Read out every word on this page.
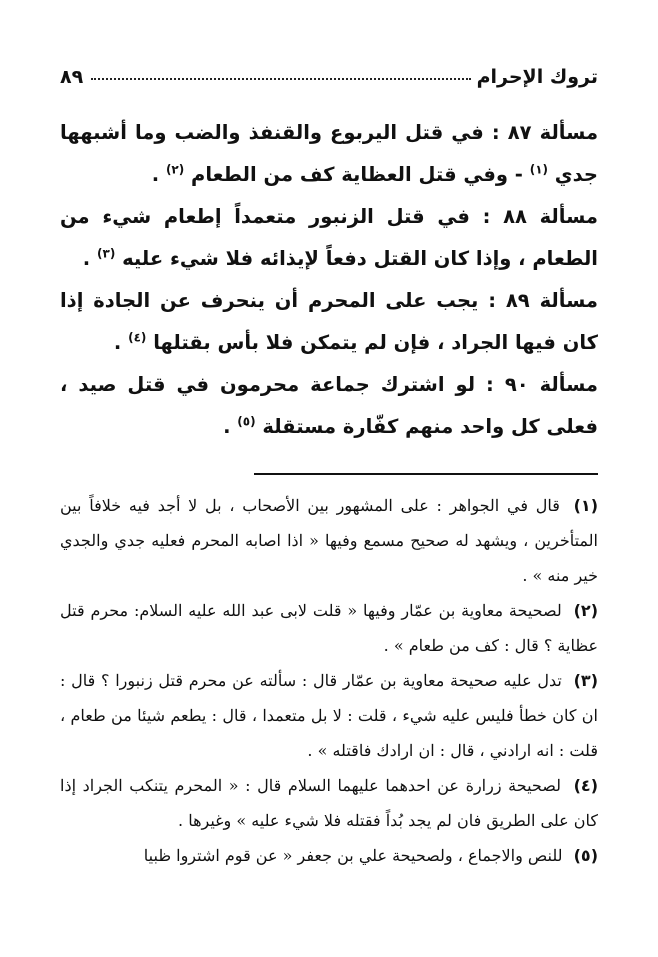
تروك الإحرام
٨٩

مسألة ٨٧ : في قتل اليربوع والقنفذ والضب وما أشبهها جدي $^{(١)}$ - وفي قتل العظاية كف من الطعام $^{(٢)}$ .

مسألة ٨٨ : في قتل الزنبور متعمداً إطعام شيء من الطعام ، وإذا كان القتل دفعاً لإيذائه فلا شيء عليه $^{(٣)}$ .

مسألة ٨٩ : يجب على المحرم أن ينحرف عن الجادة إذا كان فيها الجراد ، فإن لم يتمكن فلا بأس بقتلها $^{(٤)}$ .

مسألة ٩٠ : لو اشترك جماعة محرمون في قتل صيد ، فعلى كل واحد منهم كفّارة مستقلة $^{(٥)}$ .

(١) قال في الجواهر : على المشهور بين الأصحاب ، بل لا أجد فيه خلافاً بين المتأخرين ، ويشهد له صحيح مسمع وفيها « اذا اصابه المحرم فعليه جدي والجدي خير منه » .

(٢) لصحيحة معاوية بن عمّار وفيها « قلت لابى عبد الله عليه السلام: محرم قتل عظاية ؟ قال : كف من طعام » .

(٣) تدل عليه صحيحة معاوية بن عمّار قال : سألته عن محرم قتل زنبورا ؟ قال : ان كان خطأ فليس عليه شيء ، قلت : لا بل متعمدا ، قال : يطعم شيئا من طعام ، قلت : انه ارادني ، قال : ان ارادك فاقتله » .

(٤) لصحيحة زرارة عن احدهما عليهما السلام قال : « المحرم يتنكب الجراد إذا كان على الطريق فان لم يجد بُداً فقتله فلا شيء عليه » وغيرها .

(٥) للنص والاجماع ، ولصحيحة علي بن جعفر « عن قوم اشتروا ظبيا
